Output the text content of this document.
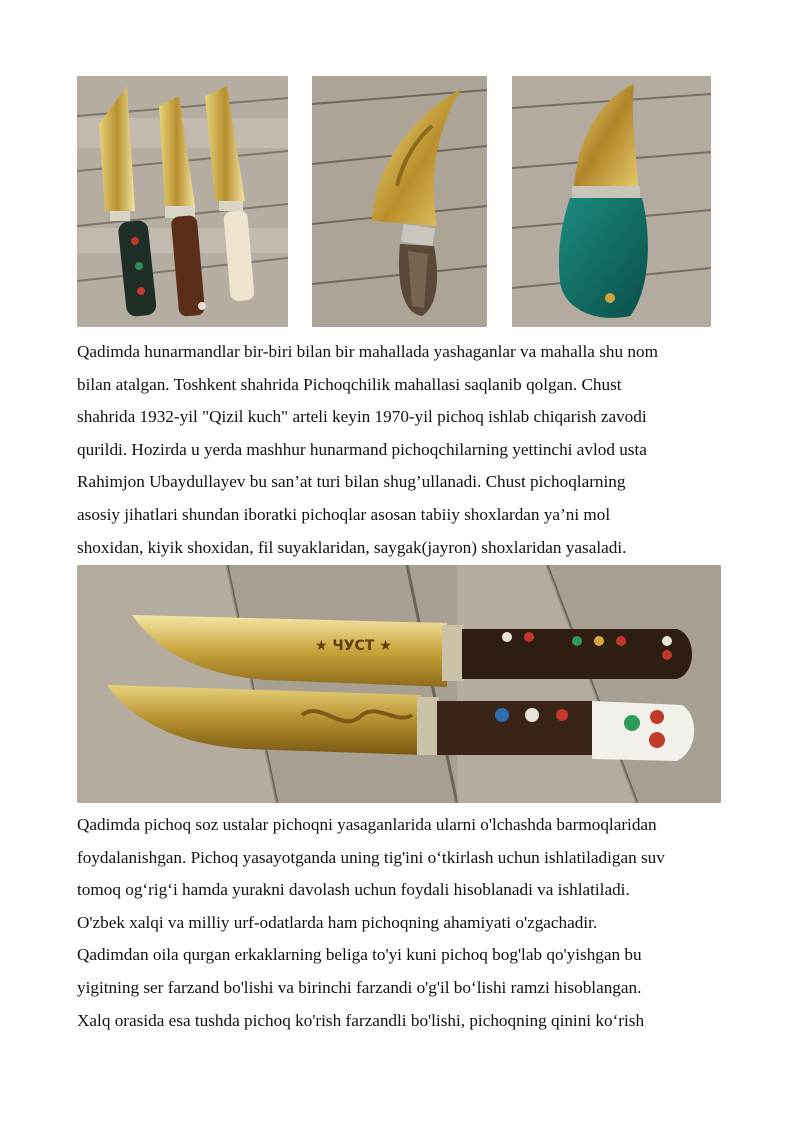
Qadimda hunarmandlar bir-biri bilan bir mahallada yashaganlar va mahalla shu nom
bilan atalgan. Toshkent shahrida Pichoqchilik mahallasi saqlanib qolgan. Chust
shahrida 1932-yil "Qizil kuch" arteli keyin 1970-yil pichoq ishlab chiqarish zavodi
qurildi. Hozirda u yerda mashhur hunarmand pichoqchilarning yettinchi avlod usta
Rahimjon Ubaydullayev bu san’at turi bilan shug’ullanadi. Chust pichoqlarning
asosiy jihatlari shundan iboratki pichoqlar asosan tabiiy shoxlardan ya’ni mol
shoxidan, kiyik shoxidan, fil suyaklaridan, saygak(jayron) shoxlaridan yasaladi.
★ ЧУСТ ★
Qadimda pichoq soz ustalar pichoqni yasaganlarida ularni o'lchashda barmoqlaridan
foydalanishgan. Pichoq yasayotganda uning tig'ini o‘tkirlash uchun ishlatiladigan suv
tomoq og‘rig‘i hamda yurakni davolash uchun foydali hisoblanadi va ishlatiladi.
O'zbek xalqi va milliy urf-odatlarda ham pichoqning ahamiyati o'zgachadir.
Qadimdan oila qurgan erkaklarning beliga to'yi kuni pichoq bog'lab qo'yishgan bu
yigitning ser farzand bo'lishi va birinchi farzandi o'g'il bo‘lishi ramzi hisoblangan.
Xalq orasida esa tushda pichoq ko'rish farzandli bo'lishi, pichoqning qinini ko‘rish
